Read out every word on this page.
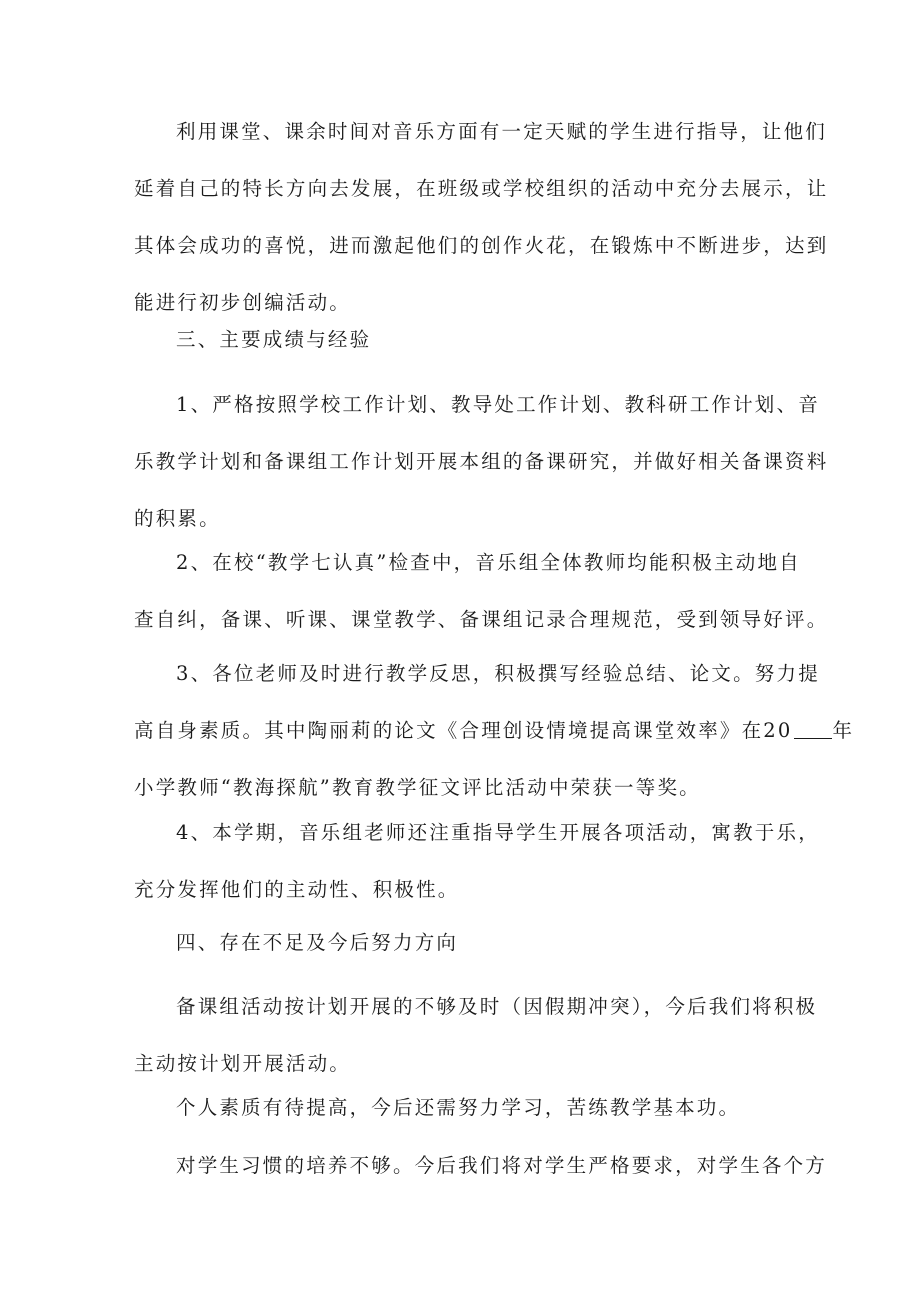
利用课堂、课余时间对音乐方面有一定天赋的学生进行指导，让他们
延着自己的特长方向去发展，在班级或学校组织的活动中充分去展示，让
其体会成功的喜悦，进而激起他们的创作火花，在锻炼中不断进步，达到
能进行初步创编活动。
三、主要成绩与经验
1、严格按照学校工作计划、教导处工作计划、教科研工作计划、音
乐教学计划和备课组工作计划开展本组的备课研究，并做好相关备课资料
的积累。
2、在校“教学七认真”检查中，音乐组全体教师均能积极主动地自
查自纠，备课、听课、课堂教学、备课组记录合理规范，受到领导好评。
3、各位老师及时进行教学反思，积极撰写经验总结、论文。努力提
高自身素质。其中陶丽莉的论文《合理创设情境提高课堂效率》在20 年
小学教师“教海探航”教育教学征文评比活动中荣获一等奖。
4、本学期，音乐组老师还注重指导学生开展各项活动，寓教于乐，
充分发挥他们的主动性、积极性。
四、存在不足及今后努力方向
备课组活动按计划开展的不够及时（因假期冲突），今后我们将积极
主动按计划开展活动。
个人素质有待提高，今后还需努力学习，苦练教学基本功。
对学生习惯的培养不够。今后我们将对学生严格要求，对学生各个方
